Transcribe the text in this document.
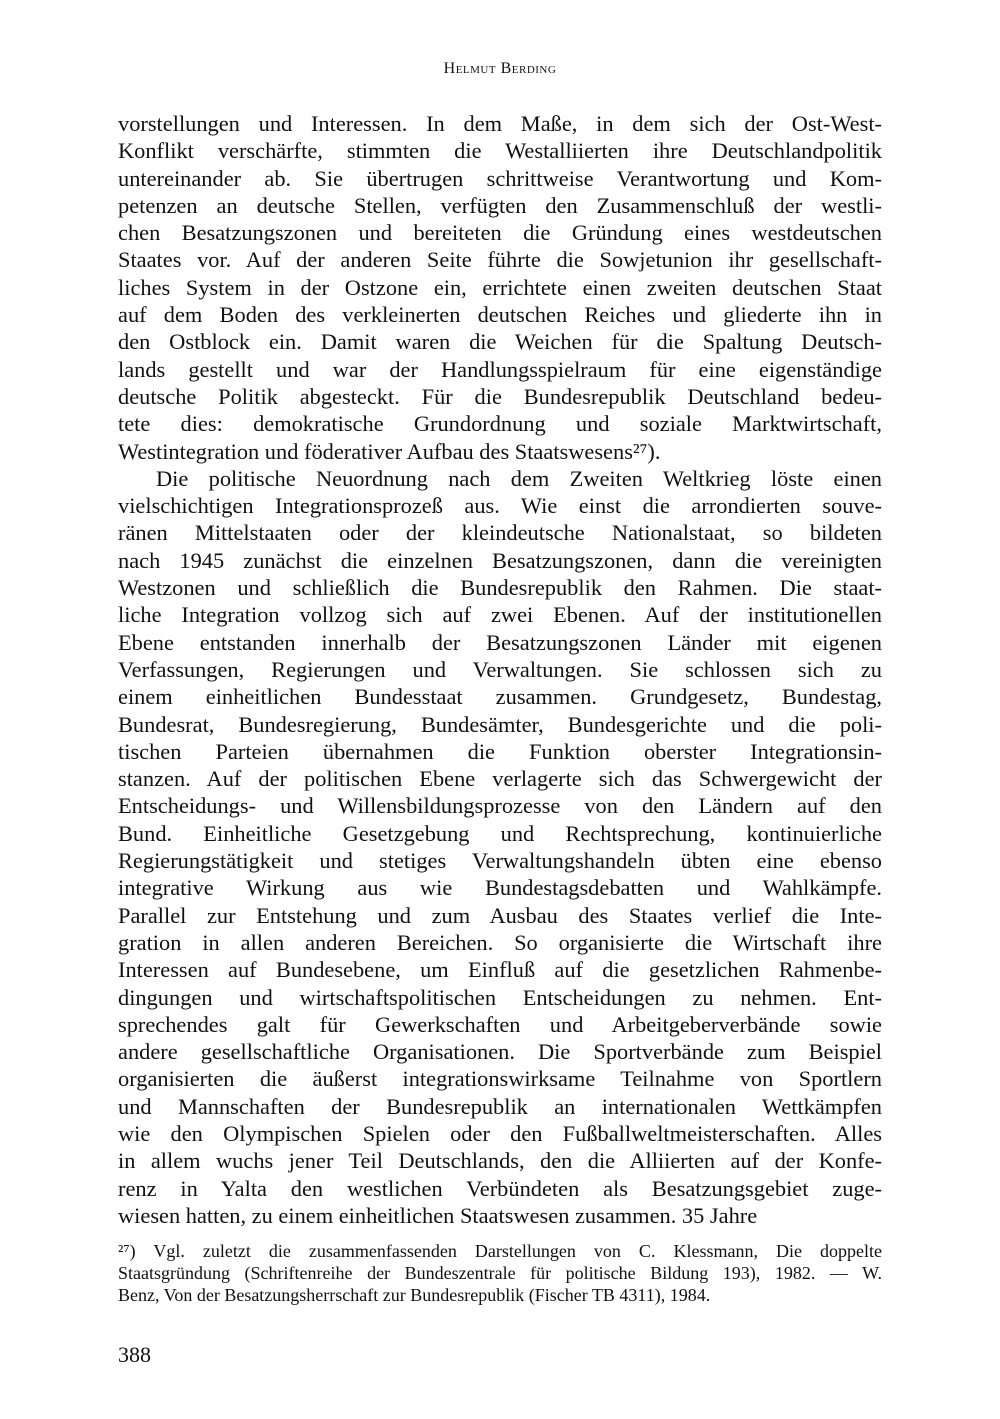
Helmut Berding
vorstellungen und Interessen. In dem Maße, in dem sich der Ost-West-
Konflikt verschärfte, stimmten die Westalliierten ihre Deutschlandpolitik
untereinander ab. Sie übertrugen schrittweise Verantwortung und Kom-
petenzen an deutsche Stellen, verfügten den Zusammenschluß der westli-
chen Besatzungszonen und bereiteten die Gründung eines westdeutschen
Staates vor. Auf der anderen Seite führte die Sowjetunion ihr gesellschaft-
liches System in der Ostzone ein, errichtete einen zweiten deutschen Staat
auf dem Boden des verkleinerten deutschen Reiches und gliederte ihn in
den Ostblock ein. Damit waren die Weichen für die Spaltung Deutsch-
lands gestellt und war der Handlungsspielraum für eine eigenständige
deutsche Politik abgesteckt. Für die Bundesrepublik Deutschland bedeu-
tete dies: demokratische Grundordnung und soziale Marktwirtschaft,
Westintegration und föderativer Aufbau des Staatswesens²⁷).
Die politische Neuordnung nach dem Zweiten Weltkrieg löste einen
vielschichtigen Integrationsprozeß aus. Wie einst die arrondierten souve-
ränen Mittelstaaten oder der kleindeutsche Nationalstaat, so bildeten
nach 1945 zunächst die einzelnen Besatzungszonen, dann die vereinigten
Westzonen und schließlich die Bundesrepublik den Rahmen. Die staat-
liche Integration vollzog sich auf zwei Ebenen. Auf der institutionellen
Ebene entstanden innerhalb der Besatzungszonen Länder mit eigenen
Verfassungen, Regierungen und Verwaltungen. Sie schlossen sich zu
einem einheitlichen Bundesstaat zusammen. Grundgesetz, Bundestag,
Bundesrat, Bundesregierung, Bundesämter, Bundesgerichte und die poli-
tischen Parteien übernahmen die Funktion oberster Integrationsin-
stanzen. Auf der politischen Ebene verlagerte sich das Schwergewicht der
Entscheidungs- und Willensbildungsprozesse von den Ländern auf den
Bund. Einheitliche Gesetzgebung und Rechtsprechung, kontinuierliche
Regierungstätigkeit und stetiges Verwaltungshandeln übten eine ebenso
integrative Wirkung aus wie Bundestagsdebatten und Wahlkämpfe.
Parallel zur Entstehung und zum Ausbau des Staates verlief die Inte-
gration in allen anderen Bereichen. So organisierte die Wirtschaft ihre
Interessen auf Bundesebene, um Einfluß auf die gesetzlichen Rahmenbe-
dingungen und wirtschaftspolitischen Entscheidungen zu nehmen. Ent-
sprechendes galt für Gewerkschaften und Arbeitgeberverbände sowie
andere gesellschaftliche Organisationen. Die Sportverbände zum Beispiel
organisierten die äußerst integrationswirksame Teilnahme von Sportlern
und Mannschaften der Bundesrepublik an internationalen Wettkämpfen
wie den Olympischen Spielen oder den Fußballweltmeisterschaften. Alles
in allem wuchs jener Teil Deutschlands, den die Alliierten auf der Konfe-
renz in Yalta den westlichen Verbündeten als Besatzungsgebiet zuge-
wiesen hatten, zu einem einheitlichen Staatswesen zusammen. 35 Jahre
²⁷) Vgl. zuletzt die zusammenfassenden Darstellungen von C. Klessmann, Die doppelte
Staatsgründung (Schriftenreihe der Bundeszentrale für politische Bildung 193), 1982. — W.
Benz, Von der Besatzungsherrschaft zur Bundesrepublik (Fischer TB 4311), 1984.
388
